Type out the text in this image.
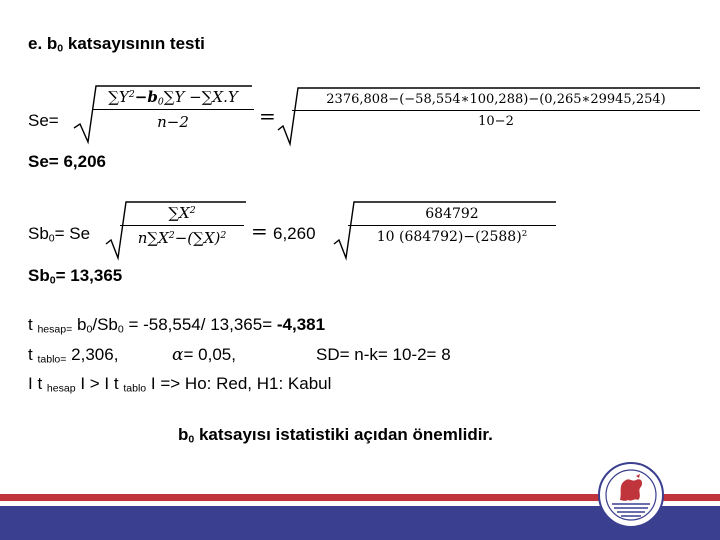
e. $b_0$ katsayısının testi
Se=
$\sum Y^2-b_0\sum Y -\sum X.Y$
n−2	=
2376,808−(−58,554∗100,288)−(0,265∗29945,254)
10−2
Se= 6,206
$Sb_0= Se$
$\sum X^2$
$n\sum X^2-(\sum X)^2$	= 6,260
684792
10 $(684792)-(2588)^2$
$Sb_0= 13,365$
t $_{hesap=}$ $b_0/Sb_0 = -58,554/$ 13,365= -4,381
t $_{tablo=}$ 2,306,	α= 0,05,	SD= n-k= 10-2= 8
I t $_{hesap}$ I > I t $_{tablo}$ I => Ho: Red, H1: Kabul
$b_0$ katsayısı istatistiki açıdan önemlidir.
